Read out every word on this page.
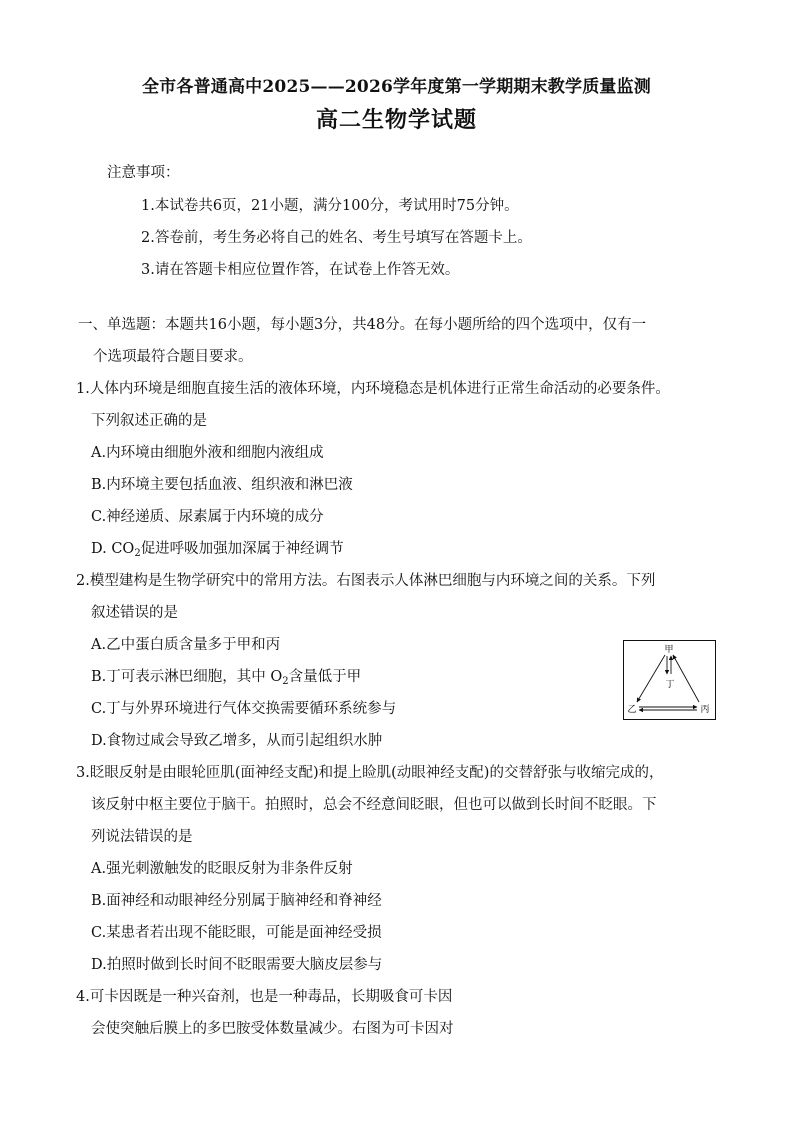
全市各普通高中2025——2026学年度第一学期期末教学质量监测
高二生物学试题
注意事项：
1.本试卷共6页，21小题，满分100分，考试用时75分钟。
2.答卷前，考生务必将自己的姓名、考生号填写在答题卡上。
3.请在答题卡相应位置作答，在试卷上作答无效。
一、单选题：本题共16小题，每小题3分，共48分。在每小题所给的四个选项中，仅有一
个选项最符合题目要求。
1.人体内环境是细胞直接生活的液体环境，内环境稳态是机体进行正常生命活动的必要条件。
下列叙述正确的是
A.内环境由细胞外液和细胞内液组成
B.内环境主要包括血液、组织液和淋巴液
C.神经递质、尿素属于内环境的成分
D. $CO_2$促进呼吸加强加深属于神经调节
2.模型建构是生物学研究中的常用方法。右图表示人体淋巴细胞与内环境之间的关系。下列
叙述错误的是
A.乙中蛋白质含量多于甲和丙
B.丁可表示淋巴细胞，其中 $O_2$含量低于甲
C.丁与外界环境进行气体交换需要循环系统参与
D.食物过咸会导致乙增多，从而引起组织水肿
甲
丁
乙	丙
3.眨眼反射是由眼轮匝肌(面神经支配)和提上睑肌(动眼神经支配)的交替舒张与收缩完成的，
该反射中枢主要位于脑干。拍照时，总会不经意间眨眼，但也可以做到长时间不眨眼。下
列说法错误的是
A.强光刺激触发的眨眼反射为非条件反射
B.面神经和动眼神经分别属于脑神经和脊神经
C.某患者若出现不能眨眼，可能是面神经受损
D.拍照时做到长时间不眨眼需要大脑皮层参与
4.可卡因既是一种兴奋剂，也是一种毒品，长期吸食可卡因
会使突触后膜上的多巴胺受体数量减少。右图为可卡因对
